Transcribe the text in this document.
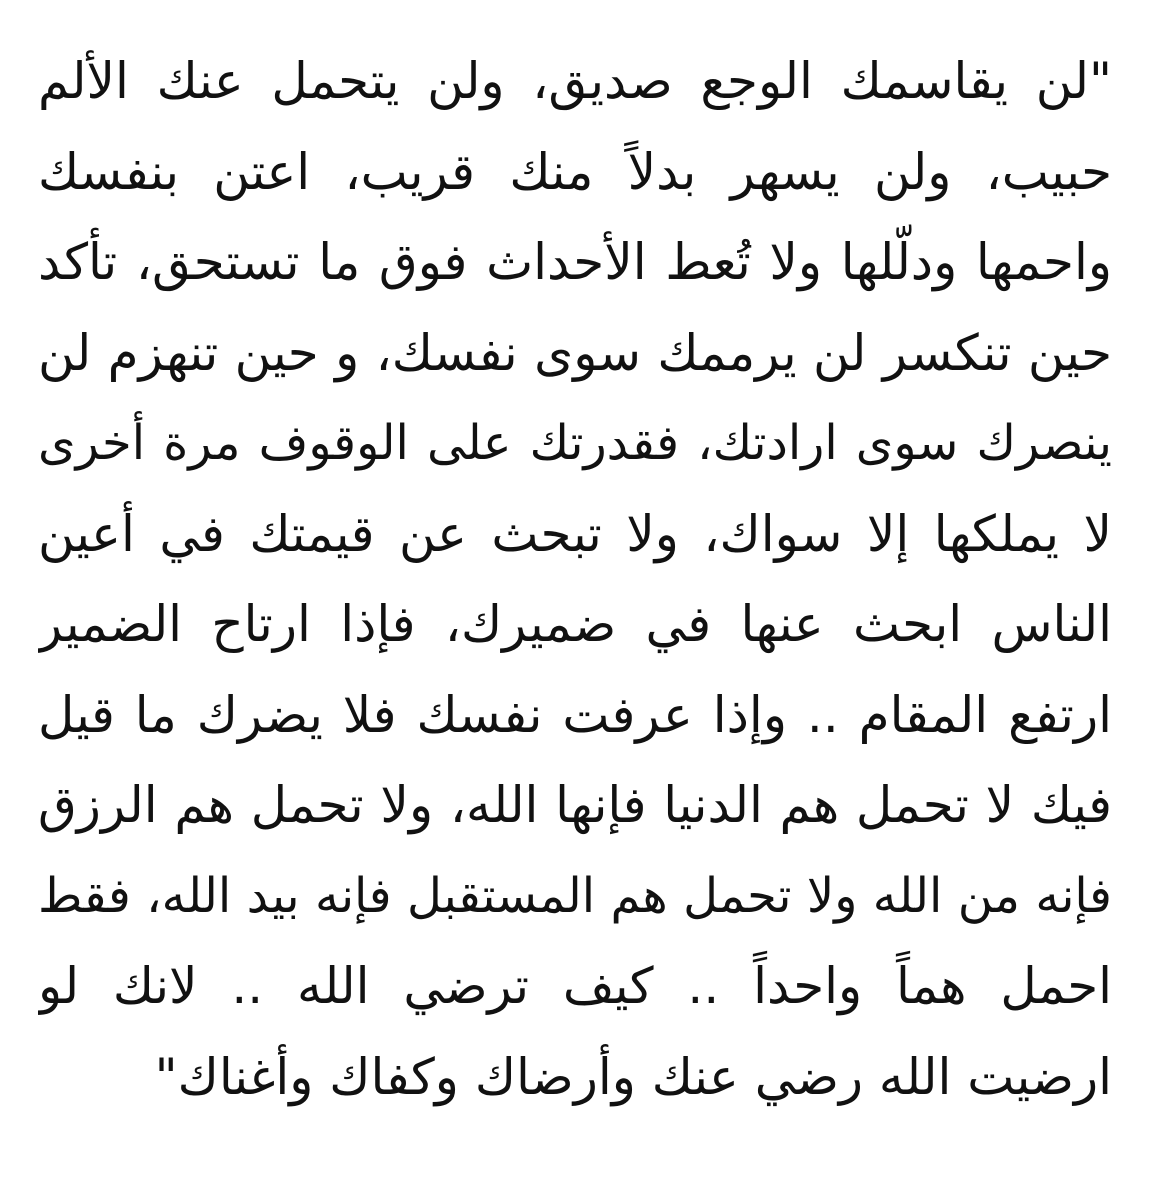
"لن يقاسمك الوجع صديق، ولن يتحمل عنك الألم
حبيب، ولن يسهر بدلاً منك قريب، اعتن بنفسك
واحمها ودلّلها ولا تُعط الأحداث فوق ما تستحق، تأكد
حين تنكسر لن يرممك سوى نفسك، و حين تنهزم لن
ينصرك سوى ارادتك، فقدرتك على الوقوف مرة أخرى
لا يملكها إلا سواك، ولا تبحث عن قيمتك في أعين
الناس ابحث عنها في ضميرك، فإذا ارتاح الضمير
ارتفع المقام .. وإذا عرفت نفسك فلا يضرك ما قيل
فيك لا تحمل هم الدنيا فإنها الله، ولا تحمل هم الرزق
فإنه من الله ولا تحمل هم المستقبل فإنه بيد الله، فقط
احمل هماً واحداً .. كيف ترضي الله .. لانك لو
ارضيت الله رضي عنك وأرضاك وكفاك وأغناك"
